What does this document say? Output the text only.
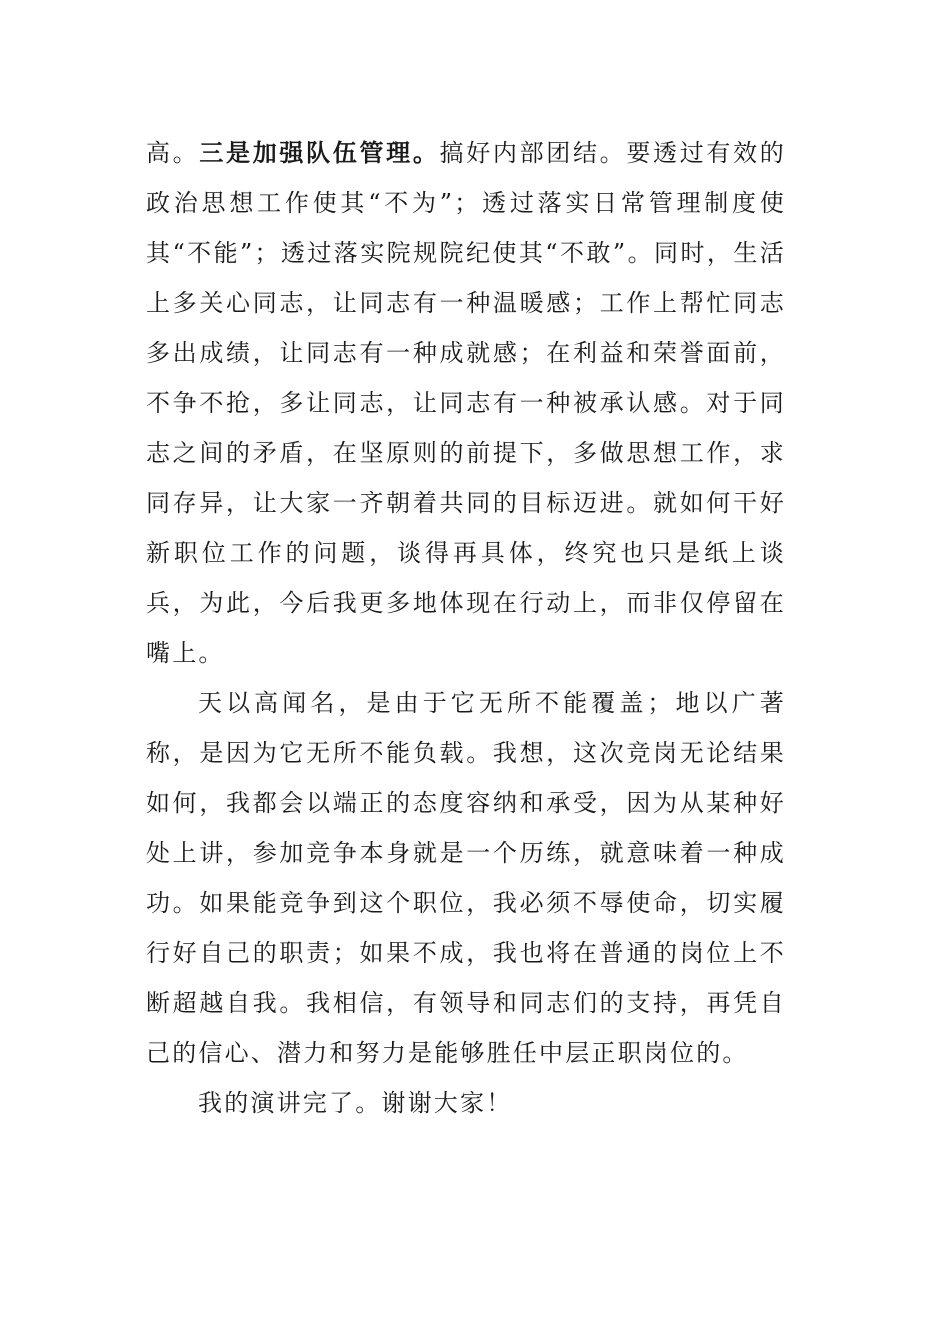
高。三是加强队伍管理。搞好内部团结。要透过有效的政治思想工作使其“不为”；透过落实日常管理制度使其“不能”；透过落实院规院纪使其“不敢”。同时，生活上多关心同志，让同志有一种温暖感；工作上帮忙同志多出成绩，让同志有一种成就感；在利益和荣誉面前，不争不抢，多让同志，让同志有一种被承认感。对于同志之间的矛盾，在坚原则的前提下，多做思想工作，求同存异，让大家一齐朝着共同的目标迈进。就如何干好新职位工作的问题，谈得再具体，终究也只是纸上谈兵，为此，今后我更多地体现在行动上，而非仅停留在嘴上。

天以高闻名，是由于它无所不能覆盖；地以广著称，是因为它无所不能负载。我想，这次竞岗无论结果如何，我都会以端正的态度容纳和承受，因为从某种好处上讲，参加竞争本身就是一个历练，就意味着一种成功。如果能竞争到这个职位，我必须不辱使命，切实履行好自己的职责；如果不成，我也将在普通的岗位上不断超越自我。我相信，有领导和同志们的支持，再凭自己的信心、潜力和努力是能够胜任中层正职岗位的。

我的演讲完了。谢谢大家！
